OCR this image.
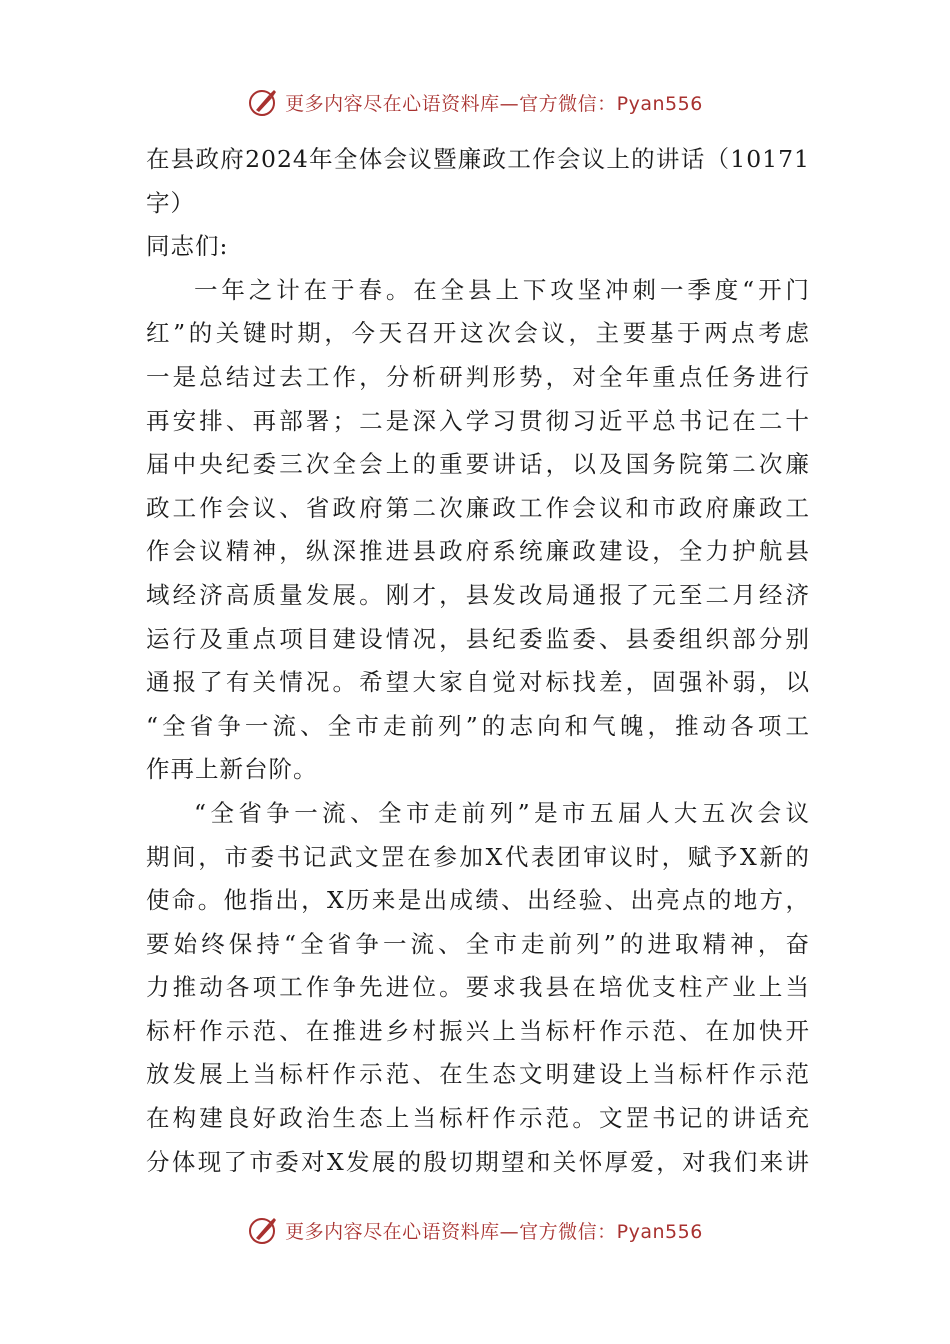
更多内容尽在心语资料库—官方微信：Pyan556
在县政府2024年全体会议暨廉政工作会议上的讲话（10171
字）
同志们:
一年之计在于春。在全县上下攻坚冲刺一季度“开门
红”的关键时期，今天召开这次会议，主要基于两点考虑
一是总结过去工作，分析研判形势，对全年重点任务进行
再安排、再部署；二是深入学习贯彻习近平总书记在二十
届中央纪委三次全会上的重要讲话，以及国务院第二次廉
政工作会议、省政府第二次廉政工作会议和市政府廉政工
作会议精神，纵深推进县政府系统廉政建设，全力护航县
域经济高质量发展。刚才，县发改局通报了元至二月经济
运行及重点项目建设情况，县纪委监委、县委组织部分别
通报了有关情况。希望大家自觉对标找差，固强补弱，以
“全省争一流、全市走前列”的志向和气魄，推动各项工
作再上新台阶。
“全省争一流、全市走前列”是市五届人大五次会议
期间，市委书记武文罡在参加X代表团审议时，赋予X新的
使命。他指出，X历来是出成绩、出经验、出亮点的地方，
要始终保持“全省争一流、全市走前列”的进取精神，奋
力推动各项工作争先进位。要求我县在培优支柱产业上当
标杆作示范、在推进乡村振兴上当标杆作示范、在加快开
放发展上当标杆作示范、在生态文明建设上当标杆作示范
在构建良好政治生态上当标杆作示范。文罡书记的讲话充
分体现了市委对X发展的殷切期望和关怀厚爱，对我们来讲
更多内容尽在心语资料库—官方微信：Pyan556
